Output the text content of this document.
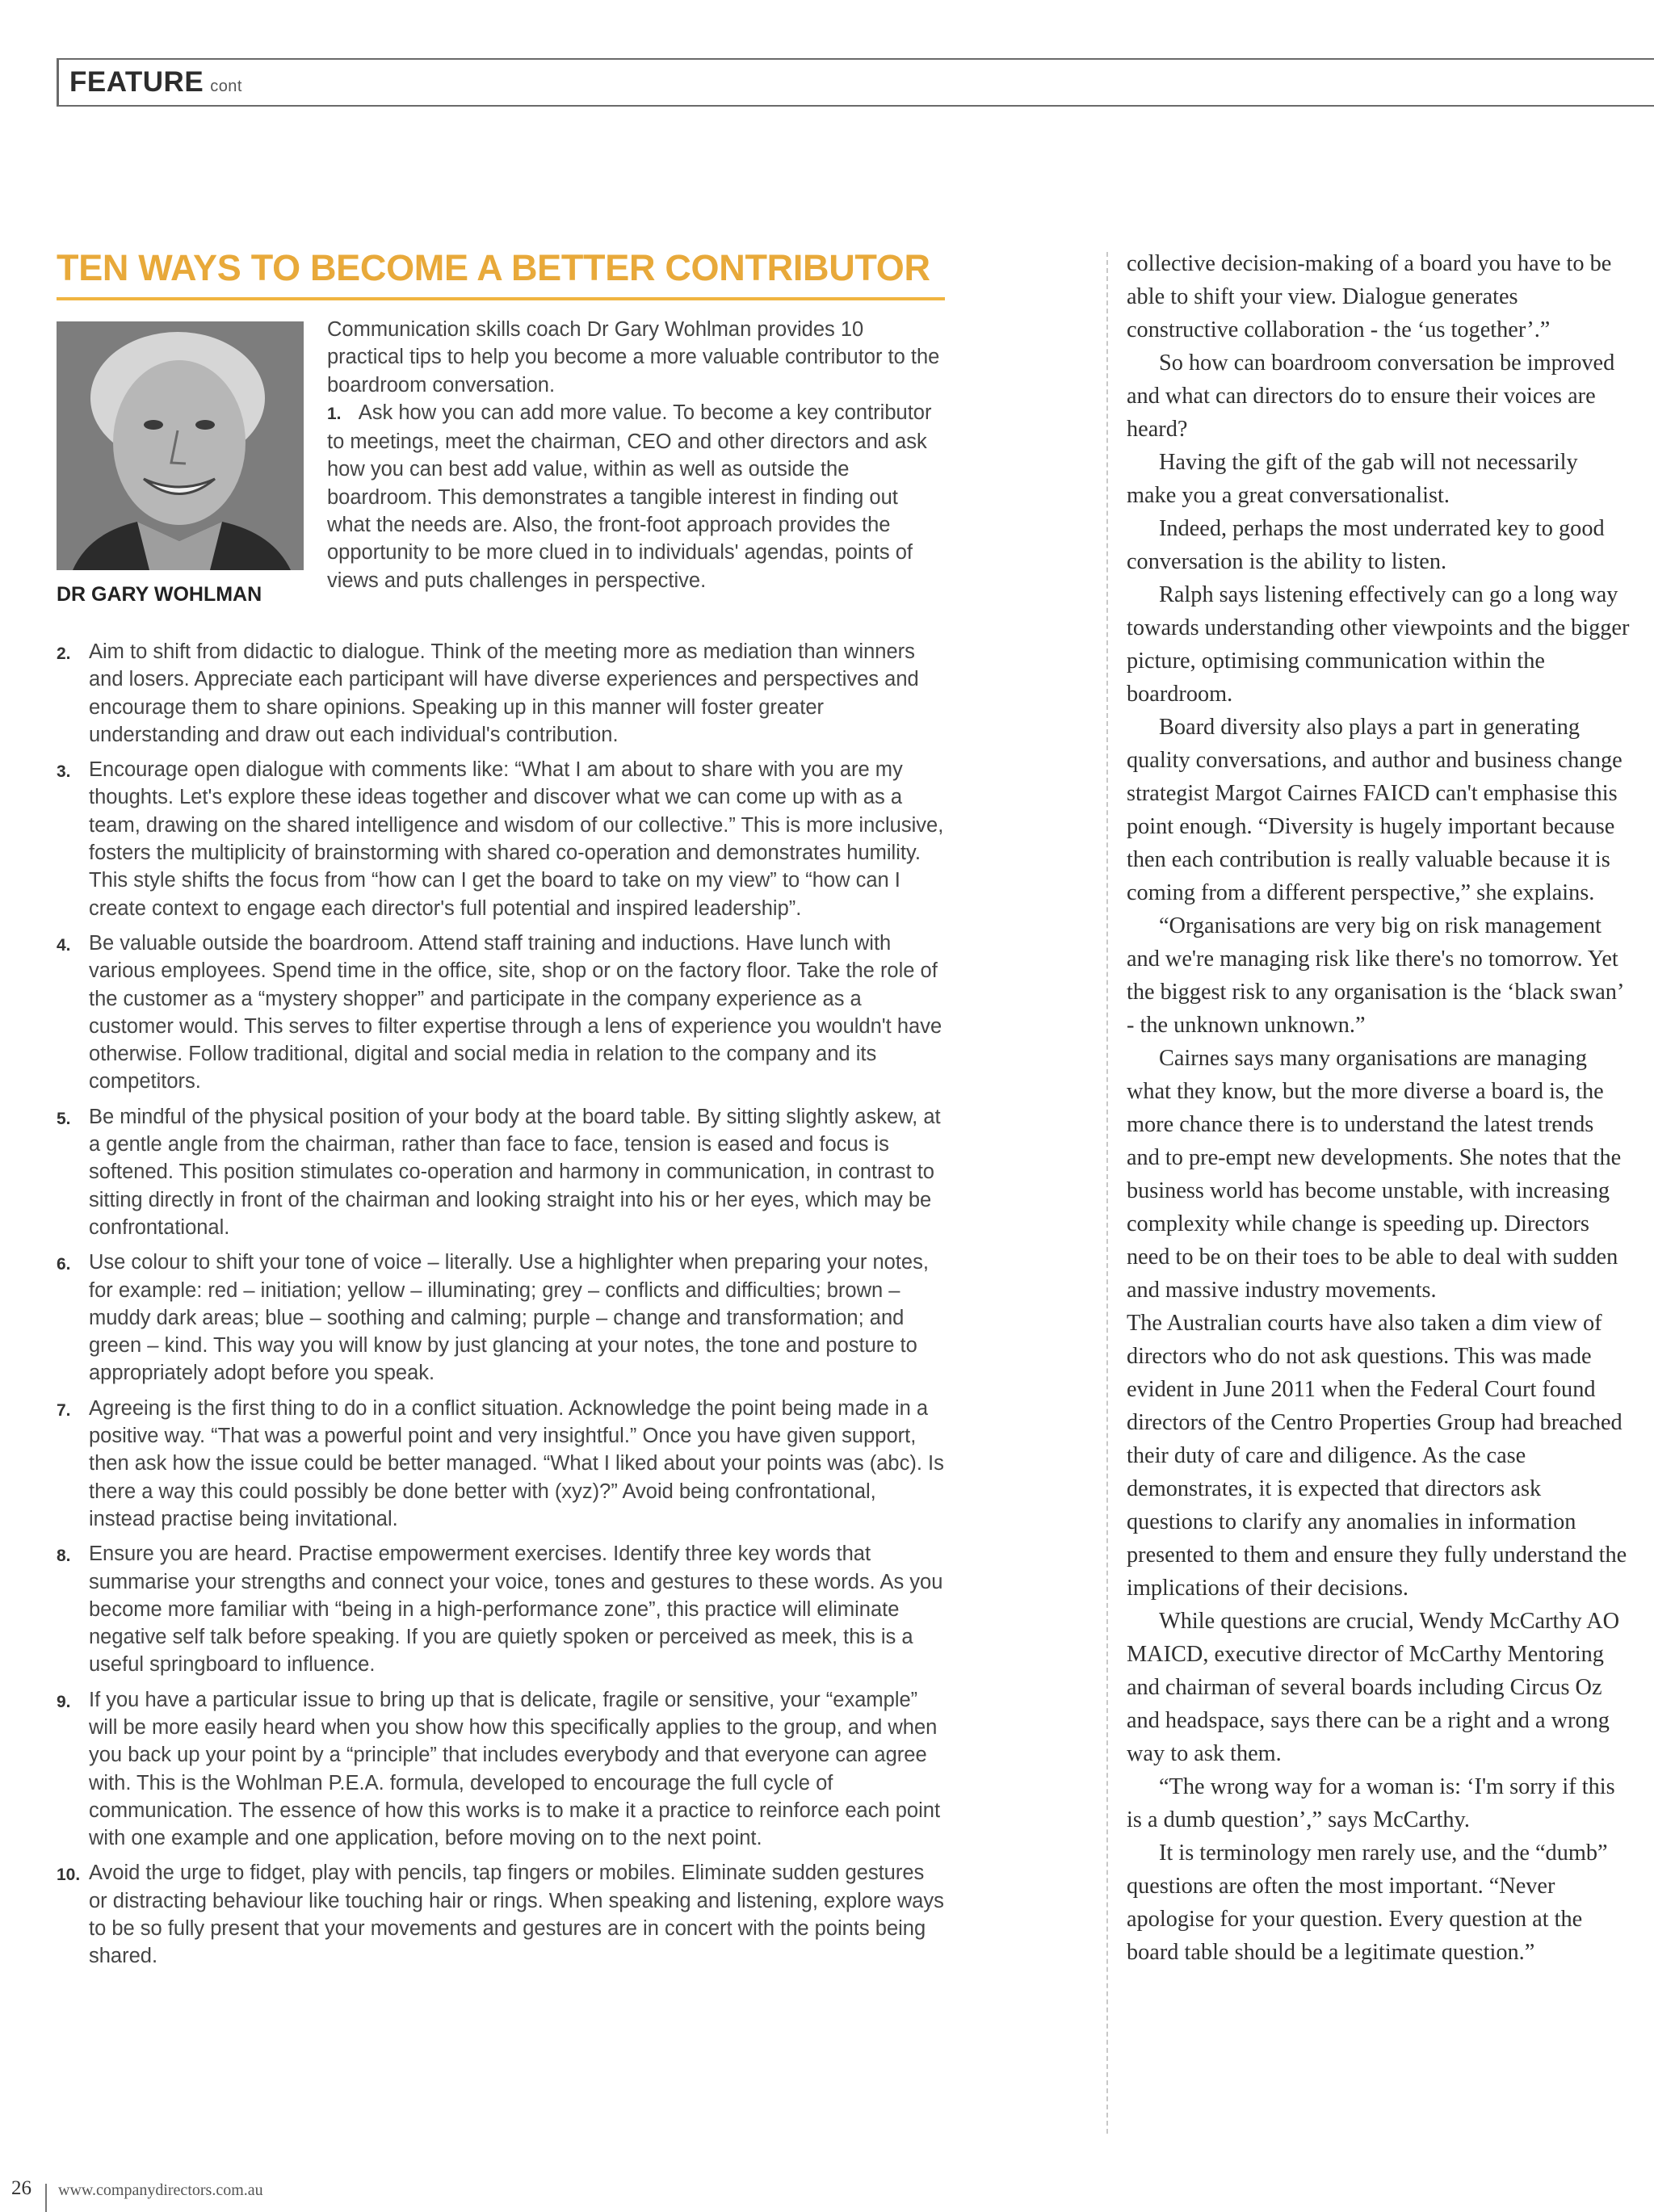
FEATURE cont
TEN WAYS TO BECOME A BETTER CONTRIBUTOR
DR GARY WOHLMAN

Communication skills coach Dr Gary Wohlman provides 10 practical tips to help you become a more valuable contributor to the boardroom conversation.

1. Ask how you can add more value. To become a key contributor to meetings, meet the chairman, CEO and other directors and ask how you can best add value, within as well as outside the boardroom. This demonstrates a tangible interest in finding out what the needs are. Also, the front-foot approach provides the opportunity to be more clued in to individuals' agendas, points of views and puts challenges in perspective.

2. Aim to shift from didactic to dialogue. Think of the meeting more as mediation than winners and losers. Appreciate each participant will have diverse experiences and perspectives and encourage them to share opinions. Speaking up in this manner will foster greater understanding and draw out each individual's contribution.
3. Encourage open dialogue with comments like: “What I am about to share with you are my thoughts. Let's explore these ideas together and discover what we can come up with as a team, drawing on the shared intelligence and wisdom of our collective.” This is more inclusive, fosters the multiplicity of brainstorming with shared co-operation and demonstrates humility. This style shifts the focus from “how can I get the board to take on my view” to “how can I create context to engage each director's full potential and inspired leadership”.
4. Be valuable outside the boardroom. Attend staff training and inductions. Have lunch with various employees. Spend time in the office, site, shop or on the factory floor. Take the role of the customer as a “mystery shopper” and participate in the company experience as a customer would. This serves to filter expertise through a lens of experience you wouldn't have otherwise. Follow traditional, digital and social media in relation to the company and its competitors.
5. Be mindful of the physical position of your body at the board table. By sitting slightly askew, at a gentle angle from the chairman, rather than face to face, tension is eased and focus is softened. This position stimulates co-operation and harmony in communication, in contrast to sitting directly in front of the chairman and looking straight into his or her eyes, which may be confrontational.
6. Use colour to shift your tone of voice – literally. Use a highlighter when preparing your notes, for example: red – initiation; yellow – illuminating; grey – conflicts and difficulties; brown – muddy dark areas; blue – soothing and calming; purple – change and transformation; and green – kind. This way you will know by just glancing at your notes, the tone and posture to appropriately adopt before you speak.
7. Agreeing is the first thing to do in a conflict situation. Acknowledge the point being made in a positive way. “That was a powerful point and very insightful.” Once you have given support, then ask how the issue could be better managed. “What I liked about your points was (abc). Is there a way this could possibly be done better with (xyz)?” Avoid being confrontational, instead practise being invitational.
8. Ensure you are heard. Practise empowerment exercises. Identify three key words that summarise your strengths and connect your voice, tones and gestures to these words. As you become more familiar with “being in a high-performance zone”, this practice will eliminate negative self talk before speaking. If you are quietly spoken or perceived as meek, this is a useful springboard to influence.
9. If you have a particular issue to bring up that is delicate, fragile or sensitive, your “example” will be more easily heard when you show how this specifically applies to the group, and when you back up your point by a “principle” that includes everybody and that everyone can agree with. This is the Wohlman P.E.A. formula, developed to encourage the full cycle of communication. The essence of how this works is to make it a practice to reinforce each point with one example and one application, before moving on to the next point.
10. Avoid the urge to fidget, play with pencils, tap fingers or mobiles. Eliminate sudden gestures or distracting behaviour like touching hair or rings. When speaking and listening, explore ways to be so fully present that your movements and gestures are in concert with the points being shared.

collective decision-making of a board you have to be able to shift your view. Dialogue generates constructive collaboration - the ‘us together’.”

So how can boardroom conversation be improved and what can directors do to ensure their voices are heard?

Having the gift of the gab will not necessarily make you a great conversationalist.

Indeed, perhaps the most underrated key to good conversation is the ability to listen.

Ralph says listening effectively can go a long way towards understanding other viewpoints and the bigger picture, optimising communication within the boardroom.

Board diversity also plays a part in generating quality conversations, and author and business change strategist Margot Cairnes FAICD can't emphasise this point enough. “Diversity is hugely important because then each contribution is really valuable because it is coming from a different perspective,” she explains.

“Organisations are very big on risk management and we're managing risk like there's no tomorrow. Yet the biggest risk to any organisation is the ‘black swan’ - the unknown unknown.”

Cairnes says many organisations are managing what they know, but the more diverse a board is, the more chance there is to understand the latest trends and to pre-empt new developments. She notes that the business world has become unstable, with increasing complexity while change is speeding up. Directors need to be on their toes to be able to deal with sudden and massive industry movements.

The Australian courts have also taken a dim view of directors who do not ask questions. This was made evident in June 2011 when the Federal Court found directors of the Centro Properties Group had breached their duty of care and diligence. As the case demonstrates, it is expected that directors ask questions to clarify any anomalies in information presented to them and ensure they fully understand the implications of their decisions.

While questions are crucial, Wendy McCarthy AO MAICD, executive director of McCarthy Mentoring and chairman of several boards including Circus Oz and headspace, says there can be a right and a wrong way to ask them.

“The wrong way for a woman is: ‘I'm sorry if this is a dumb question’,” says McCarthy.

It is terminology men rarely use, and the “dumb” questions are often the most important. “Never apologise for your question. Every question at the board table should be a legitimate question.”

26 www.companydirectors.com.au
